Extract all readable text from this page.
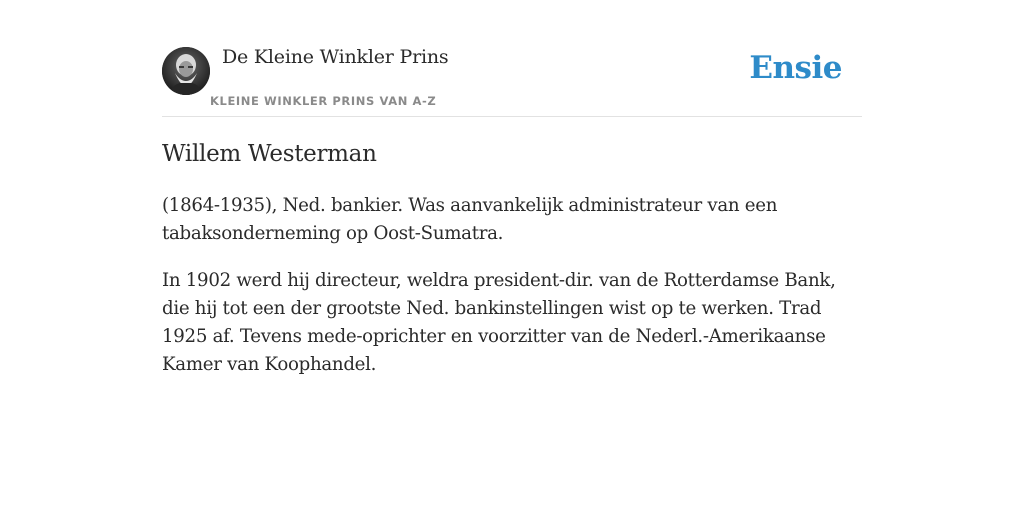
De Kleine Winkler Prins
KLEINE WINKLER PRINS VAN A-Z
Ensie
Willem Westerman

(1864-1935), Ned. bankier. Was aanvankelijk administrateur van een tabaksonderneming op Oost-Sumatra.

In 1902 werd hij directeur, weldra president-dir. van de Rotterdamse Bank, die hij tot een der grootste Ned. bankinstellingen wist op te werken. Trad 1925 af. Tevens mede-oprichter en voorzitter van de Nederl.-Amerikaanse Kamer van Koophandel.
